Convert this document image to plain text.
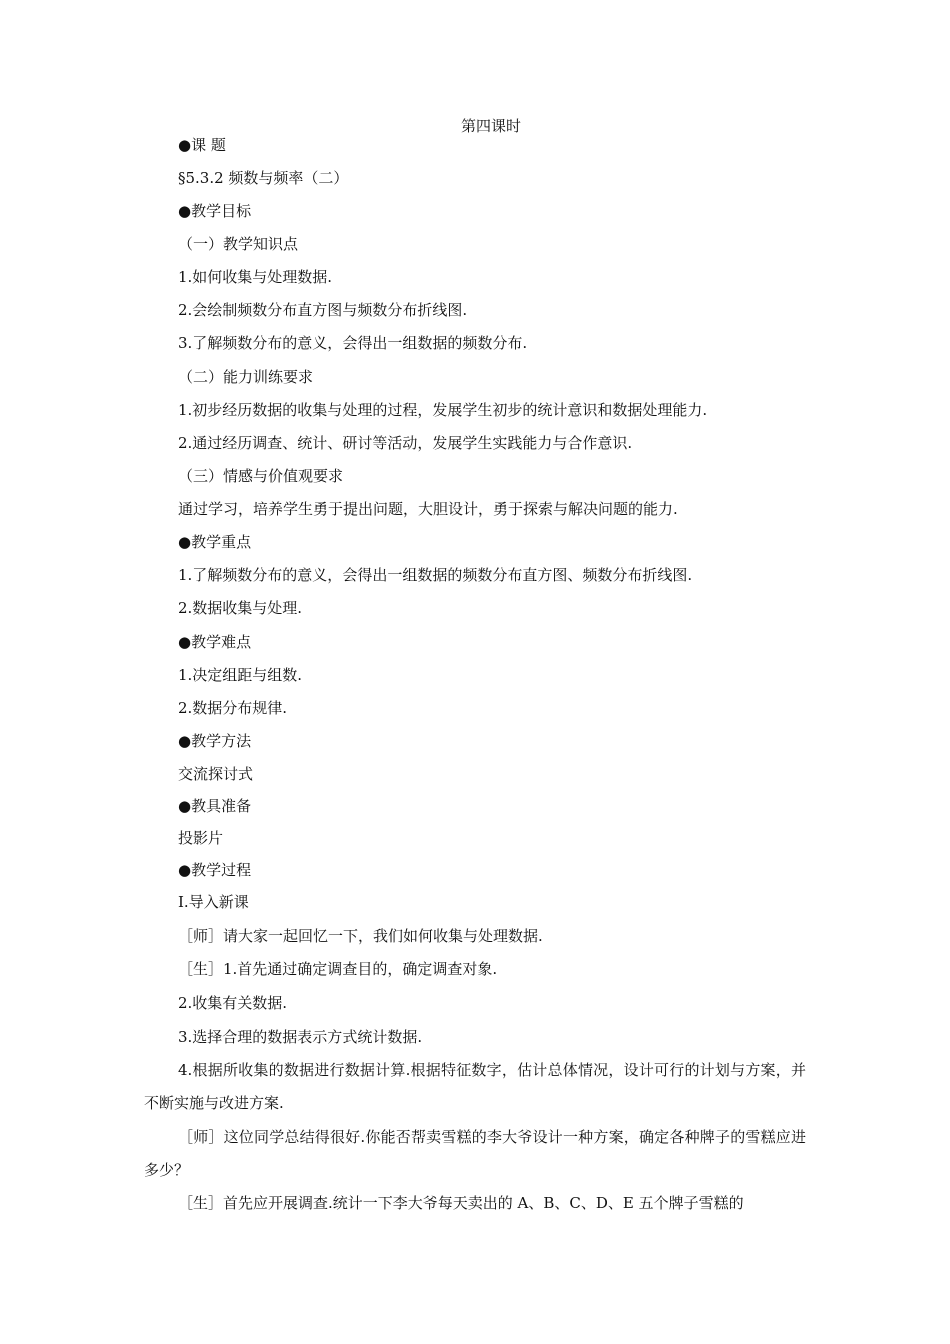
第四课时
●课 题
§5.3.2 频数与频率（二）
●教学目标
（一）教学知识点
1.如何收集与处理数据.
2.会绘制频数分布直方图与频数分布折线图.
3.了解频数分布的意义，会得出一组数据的频数分布.
（二）能力训练要求
1.初步经历数据的收集与处理的过程，发展学生初步的统计意识和数据处理能力.
2.通过经历调查、统计、研讨等活动，发展学生实践能力与合作意识.
（三）情感与价值观要求
通过学习，培养学生勇于提出问题，大胆设计，勇于探索与解决问题的能力.
●教学重点
1.了解频数分布的意义，会得出一组数据的频数分布直方图、频数分布折线图.
2.数据收集与处理.
●教学难点
1.决定组距与组数.
2.数据分布规律.
●教学方法
交流探讨式
●教具准备
投影片
●教学过程
Ⅰ.导入新课
［师］请大家一起回忆一下，我们如何收集与处理数据.
［生］1.首先通过确定调查目的，确定调查对象.
2.收集有关数据.
3.选择合理的数据表示方式统计数据.
4.根据所收集的数据进行数据计算.根据特征数字，估计总体情况，设计可行的计划与方案，并不断实施与改进方案.
［师］这位同学总结得很好.你能否帮卖雪糕的李大爷设计一种方案，确定各种牌子的雪糕应进多少？
［生］首先应开展调查.统计一下李大爷每天卖出的 A、B、C、D、E 五个牌子雪糕的
